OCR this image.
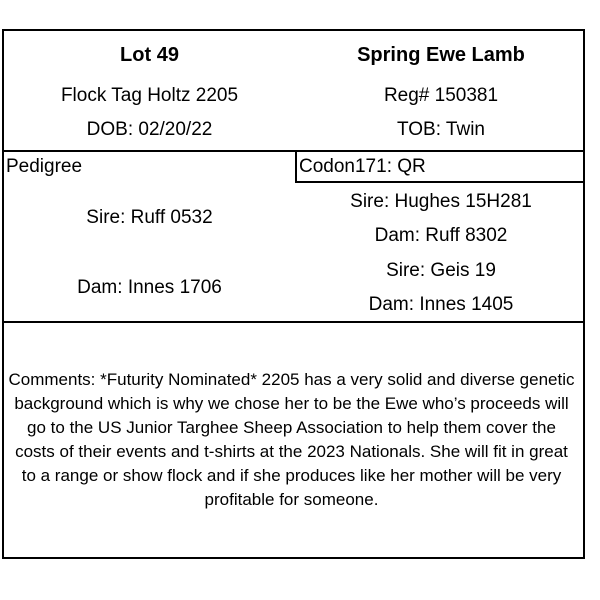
Lot 49
Flock Tag Holtz 2205
DOB: 02/20/22
Spring Ewe Lamb
Reg# 150381
TOB: Twin
Pedigree	Codon171: QR
Sire: Ruff 0532
Dam: Innes 1706
Sire: Hughes 15H281
Dam: Ruff 8302
Sire: Geis 19
Dam: Innes 1405
Comments: *Futurity Nominated* 2205 has a very solid and diverse genetic background which is why we chose her to be the Ewe who’s proceeds will go to the US Junior Targhee Sheep Association to help them cover the costs of their events and t-shirts at the 2023 Nationals. She will fit in great to a range or show flock and if she produces like her mother will be very profitable for someone.
